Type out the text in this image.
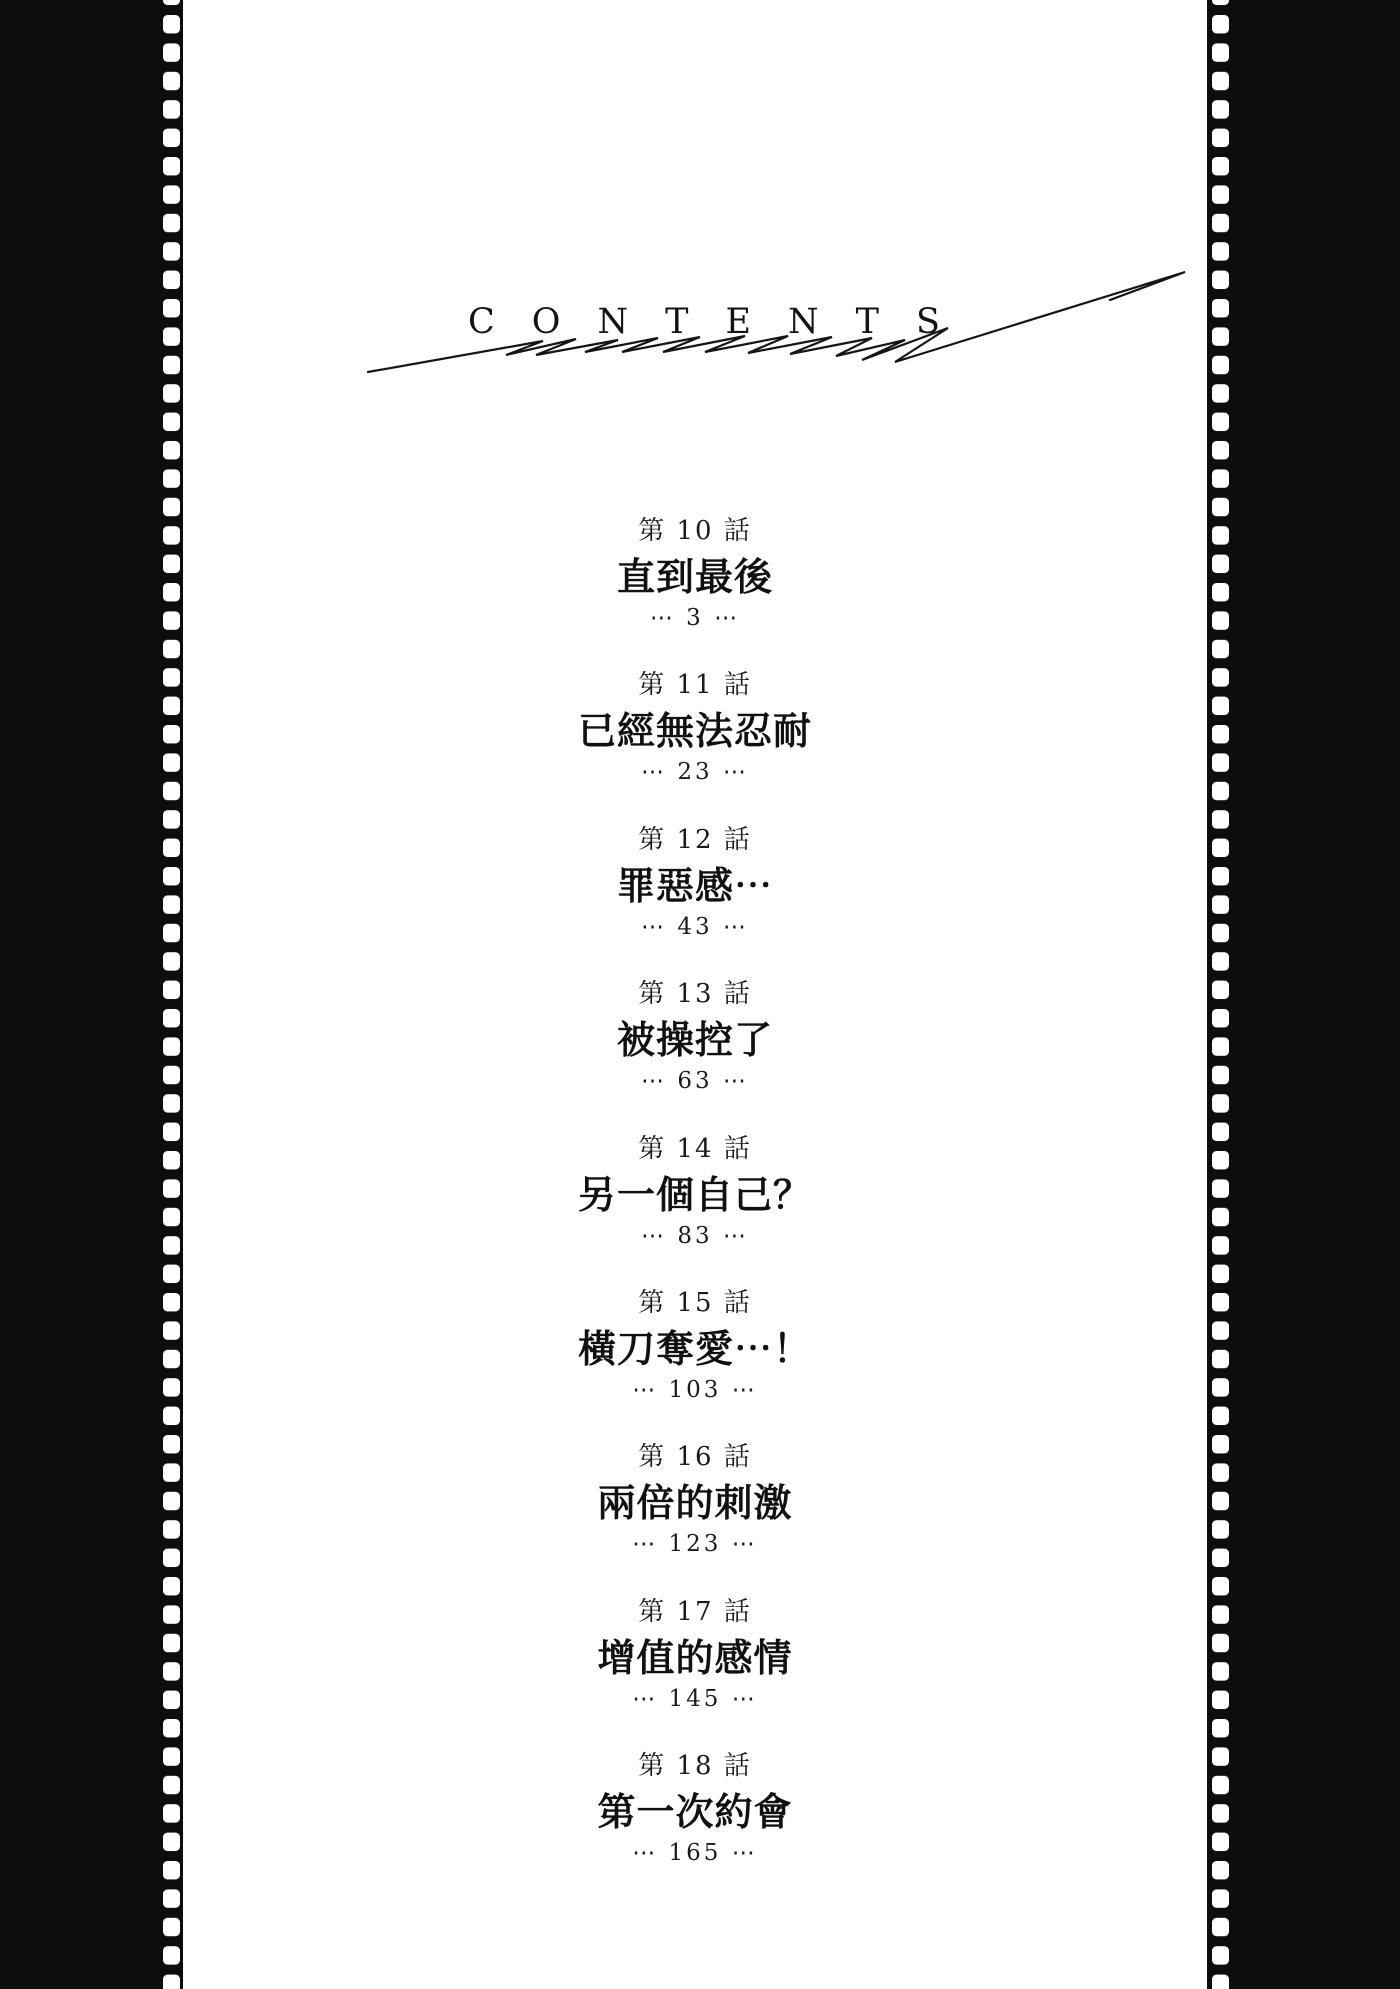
CONTENTS
第 10 話
直到最後
⋯ 3 ⋯
第 11 話
已經無法忍耐
⋯ 23 ⋯
第 12 話
罪惡感⋯
⋯ 43 ⋯
第 13 話
被操控了
⋯ 63 ⋯
第 14 話
另一個自己？
⋯ 83 ⋯
第 15 話
橫刀奪愛⋯！
⋯ 103 ⋯
第 16 話
兩倍的刺激
⋯ 123 ⋯
第 17 話
增值的感情
⋯ 145 ⋯
第 18 話
第一次約會
⋯ 165 ⋯
